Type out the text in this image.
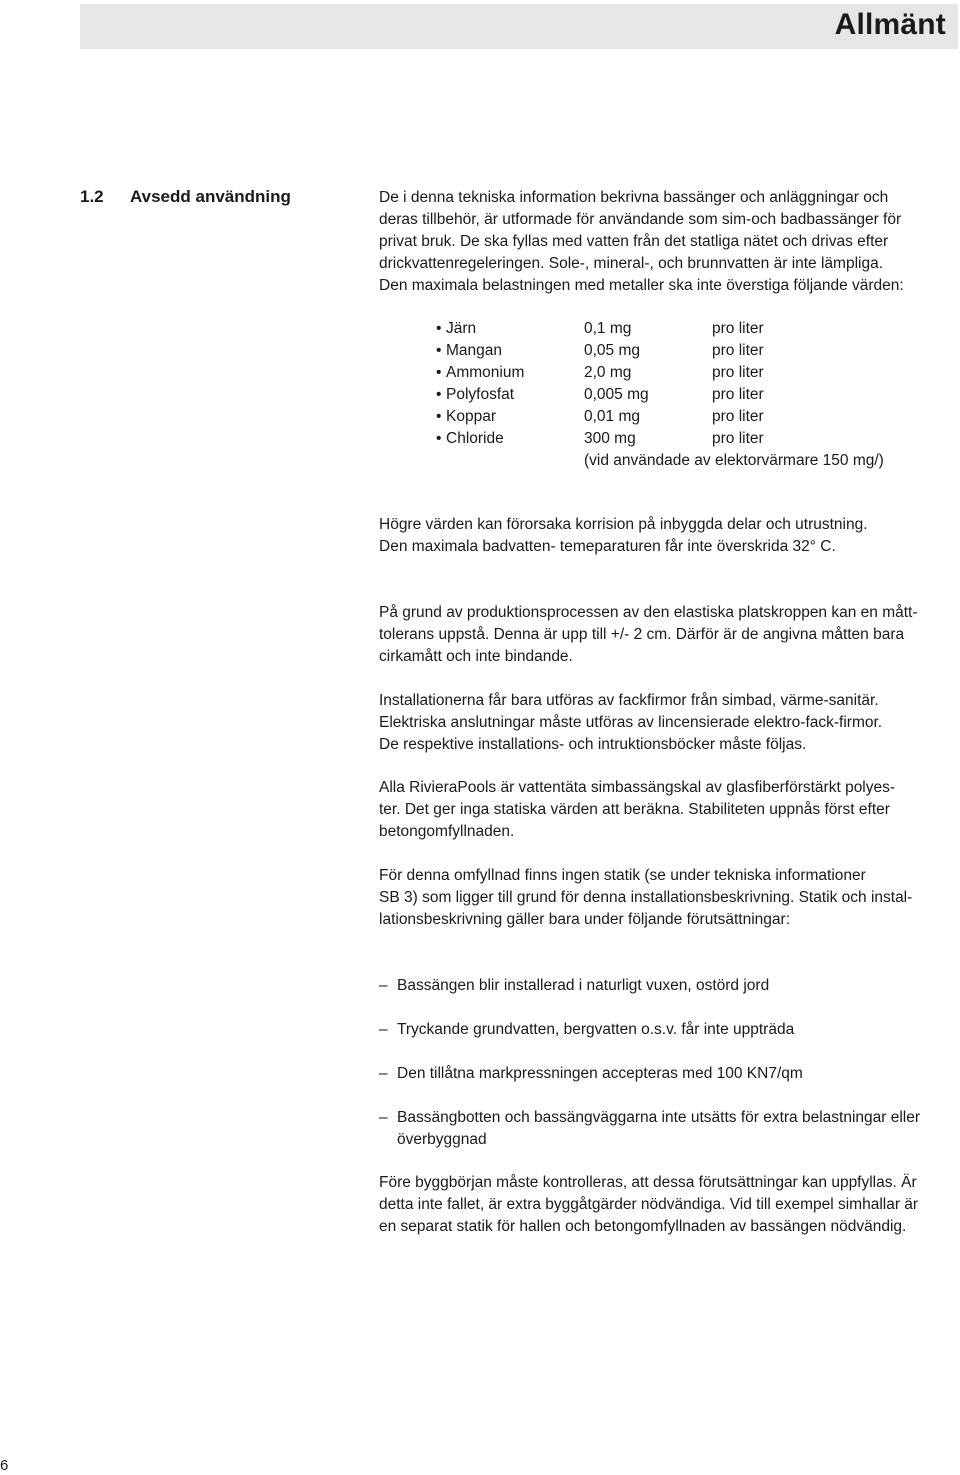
Allmänt
1.2 Avsedd användning	De i denna tekniska information bekrivna bassänger och anläggningar och
deras tillbehör, är utformade för användande som sim-och badbassänger för
privat bruk. De ska fyllas med vatten från det statliga nätet och drivas efter
drickvattenregeleringen. Sole-, mineral-, och brunnvatten är inte lämpliga.
Den maximala belastningen med metaller ska inte överstiga följande värden:

• Järn	0,1 mg	pro liter
• Mangan	0,05 mg	pro liter
• Ammonium	2,0 mg	pro liter
• Polyfosfat	0,005 mg	pro liter
• Koppar	0,01 mg	pro liter
• Chloride	300 mg	pro liter
(vid användade av elektorvärmare 150 mg/)

Högre värden kan förorsaka korrision på inbyggda delar och utrustning.
Den maximala badvatten- temeparaturen får inte överskrida 32° C.

På grund av produktionsprocessen av den elastiska platskroppen kan en mått-
tolerans uppstå. Denna är upp till +/- 2 cm. Därför är de angivna måtten bara
cirkamått och inte bindande.

Installationerna får bara utföras av fackfirmor från simbad, värme-sanitär.
Elektriska anslutningar måste utföras av lincensierade elektro-fack-firmor.
De respektive installations- och intruktionsböcker måste följas.

Alla RivieraPools är vattentäta simbassängskal av glasfiberförstärkt polyes-
ter. Det ger inga statiska värden att beräkna. Stabiliteten uppnås först efter
betongomfyllnaden.

För denna omfyllnad finns ingen statik (se under tekniska informationer
SB 3) som ligger till grund för denna installationsbeskrivning. Statik och instal-
lationsbeskrivning gäller bara under följande förutsättningar:

– Bassängen blir installerad i naturligt vuxen, ostörd jord
– Tryckande grundvatten, bergvatten o.s.v. får inte uppträda
– Den tillåtna markpressningen accepteras med 100 KN7/qm
– Bassängbotten och bassängväggarna inte utsätts för extra belastningar eller
överbyggnad

Före byggbörjan måste kontrolleras, att dessa förutsättningar kan uppfyllas. Är
detta inte fallet, är extra byggåtgärder nödvändiga. Vid till exempel simhallar är
en separat statik för hallen och betongomfyllnaden av bassängen nödvändig.

6
